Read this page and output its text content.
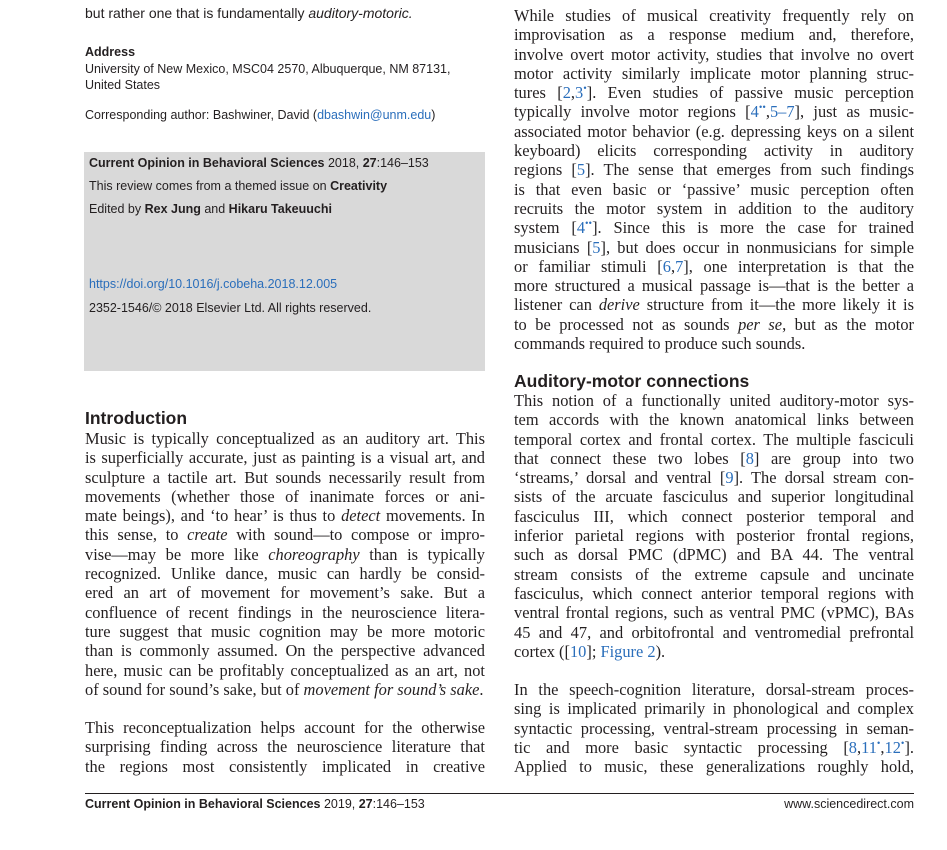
but rather one that is fundamentally auditory-motoric.
Address
University of New Mexico, MSC04 2570, Albuquerque, NM 87131,
United States
Corresponding author: Bashwiner, David (dbashwin@unm.edu)
Current Opinion in Behavioral Sciences 2018, 27:146–153
This review comes from a themed issue on Creativity
Edited by Rex Jung and Hikaru Takeuuchi
https://doi.org/10.1016/j.cobeha.2018.12.005
2352-1546/© 2018 Elsevier Ltd. All rights reserved.
Introduction
Music is typically conceptualized as an auditory art. This
is superficially accurate, just as painting is a visual art, and
sculpture a tactile art. But sounds necessarily result from
movements (whether those of inanimate forces or ani-
mate beings), and ‘to hear’ is thus to detect movements. In
this sense, to create with sound—to compose or impro-
vise—may be more like choreography than is typically
recognized. Unlike dance, music can hardly be consid-
ered an art of movement for movement’s sake. But a
confluence of recent findings in the neuroscience litera-
ture suggest that music cognition may be more motoric
than is commonly assumed. On the perspective advanced
here, music can be profitably conceptualized as an art, not
of sound for sound’s sake, but of movement for sound’s sake.
This reconceptualization helps account for the otherwise
surprising finding across the neuroscience literature that
the regions most consistently implicated in creative
While studies of musical creativity frequently rely on
improvisation as a response medium and, therefore,
involve overt motor activity, studies that involve no overt
motor activity similarly implicate motor planning struc-
tures [2,3•]. Even studies of passive music perception
typically involve motor regions [4••,5–7], just as music-
associated motor behavior (e.g. depressing keys on a silent
keyboard) elicits corresponding activity in auditory
regions [5]. The sense that emerges from such findings
is that even basic or ‘passive’ music perception often
recruits the motor system in addition to the auditory
system [4••]. Since this is more the case for trained
musicians [5], but does occur in nonmusicians for simple
or familiar stimuli [6,7], one interpretation is that the
more structured a musical passage is—that is the better a
listener can derive structure from it—the more likely it is
to be processed not as sounds per se, but as the motor
commands required to produce such sounds.
Auditory-motor connections
This notion of a functionally united auditory-motor sys-
tem accords with the known anatomical links between
temporal cortex and frontal cortex. The multiple fasciculi
that connect these two lobes [8] are group into two
‘streams,’ dorsal and ventral [9]. The dorsal stream con-
sists of the arcuate fasciculus and superior longitudinal
fasciculus III, which connect posterior temporal and
inferior parietal regions with posterior frontal regions,
such as dorsal PMC (dPMC) and BA 44. The ventral
stream consists of the extreme capsule and uncinate
fasciculus, which connect anterior temporal regions with
ventral frontal regions, such as ventral PMC (vPMC), BAs
45 and 47, and orbitofrontal and ventromedial prefrontal
cortex ([10]; Figure 2).
In the speech-cognition literature, dorsal-stream proces-
sing is implicated primarily in phonological and complex
syntactic processing, ventral-stream processing in seman-
tic and more basic syntactic processing [8,11•,12•].
Applied to music, these generalizations roughly hold,
Current Opinion in Behavioral Sciences 2019, 27:146–153	www.sciencedirect.com
